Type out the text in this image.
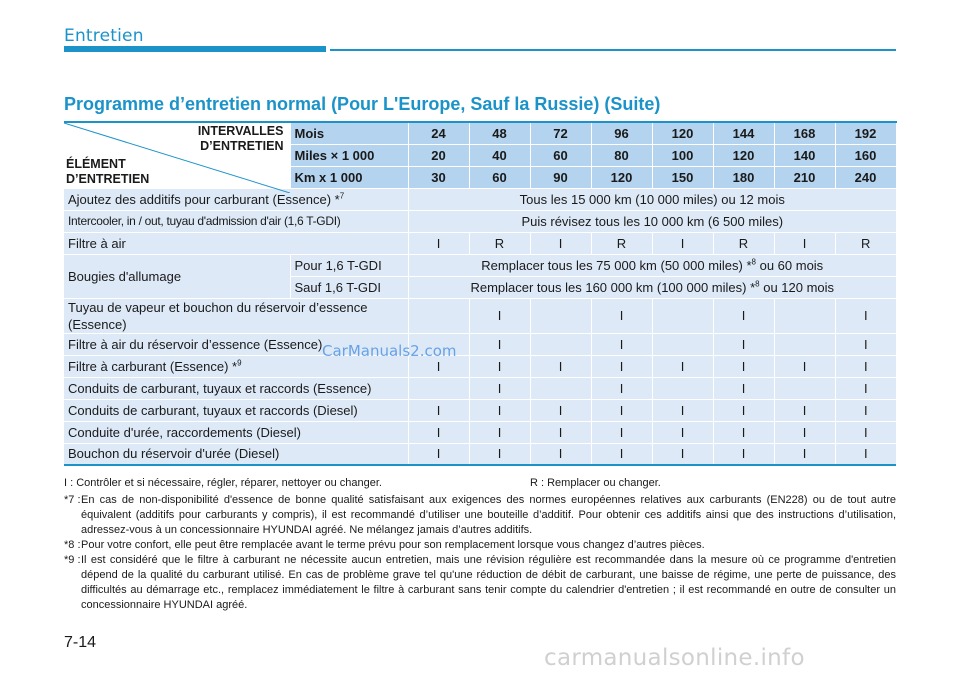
Entretien
Programme d’entretien normal (Pour L'Europe, Sauf la Russie) (Suite)
INTERVALLES
D’ENTRETIEN
ÉLÉMENT
D’ENTRETIEN	Mois	24	48	72	96	120	144	168	192
	Miles × 1 000	20	40	60	80	100	120	140	160
	Km x 1 000	30	60	90	120	150	180	210	240
Ajoutez des additifs pour carburant (Essence) *$^7$		Tous les 15 000 km (10 000 miles) ou 12 mois							
Intercooler, in / out, tuyau d'admission d'air (1,6 T-GDI)		Puis révisez tous les 10 000 km (6 500 miles)							
Filtre à air		I	R	I	R	I	R	I	R
Bougies d'allumage	Pour 1,6 T-GDI	Remplacer tous les 75 000 km (50 000 miles) *$^8$ ou 60 mois							
	Sauf 1,6 T-GDI	Remplacer tous les 160 000 km (100 000 miles) *$^8$ ou 120 mois							

Tuyau de vapeur et bouchon du réservoir d’essence
(Essence)			I		I		I		I
Filtre à air du réservoir d’essence (Essence)			I		I		I		I
Filtre à carburant (Essence) *$^9$		I	I	I	I	I	I	I	I
Conduits de carburant, tuyaux et raccords (Essence)			I		I		I		I
Conduits de carburant, tuyaux et raccords (Diesel)		I	I	I	I	I	I	I	I
Conduite d'urée, raccordements (Diesel)		I	I	I	I	I	I	I	I
Bouchon du réservoir d'urée (Diesel)		I	I	I	I	I	I	I	I
CarManuals2.com
I : Contrôler et si nécessaire, régler, réparer, nettoyer ou changer.	R : Remplacer ou changer.
*7 : En cas de non-disponibilité d'essence de bonne qualité satisfaisant aux exigences des normes européennes relatives aux carburants (EN228) ou de tout autre équivalent (additifs pour carburants y compris), il est recommandé d’utiliser une bouteille d’additif. Pour obtenir ces additifs ainsi que des instructions d’utilisation, adressez-vous à un concessionnaire HYUNDAI agréé. Ne mélangez jamais d’autres additifs.
*8 : Pour votre confort, elle peut être remplacée avant le terme prévu pour son remplacement lorsque vous changez d’autres pièces.
*9 : Il est considéré que le filtre à carburant ne nécessite aucun entretien, mais une révision régulière est recommandée dans la mesure où ce programme d'entretien dépend de la qualité du carburant utilisé. En cas de problème grave tel qu'une réduction de débit de carburant, une baisse de régime, une perte de puissance, des difficultés au démarrage etc., remplacez immédiatement le filtre à carburant sans tenir compte du calendrier d'entretien ; il est recommandé en outre de consulter un concessionnaire HYUNDAI agréé.
7-14
carmanualsonline.info
